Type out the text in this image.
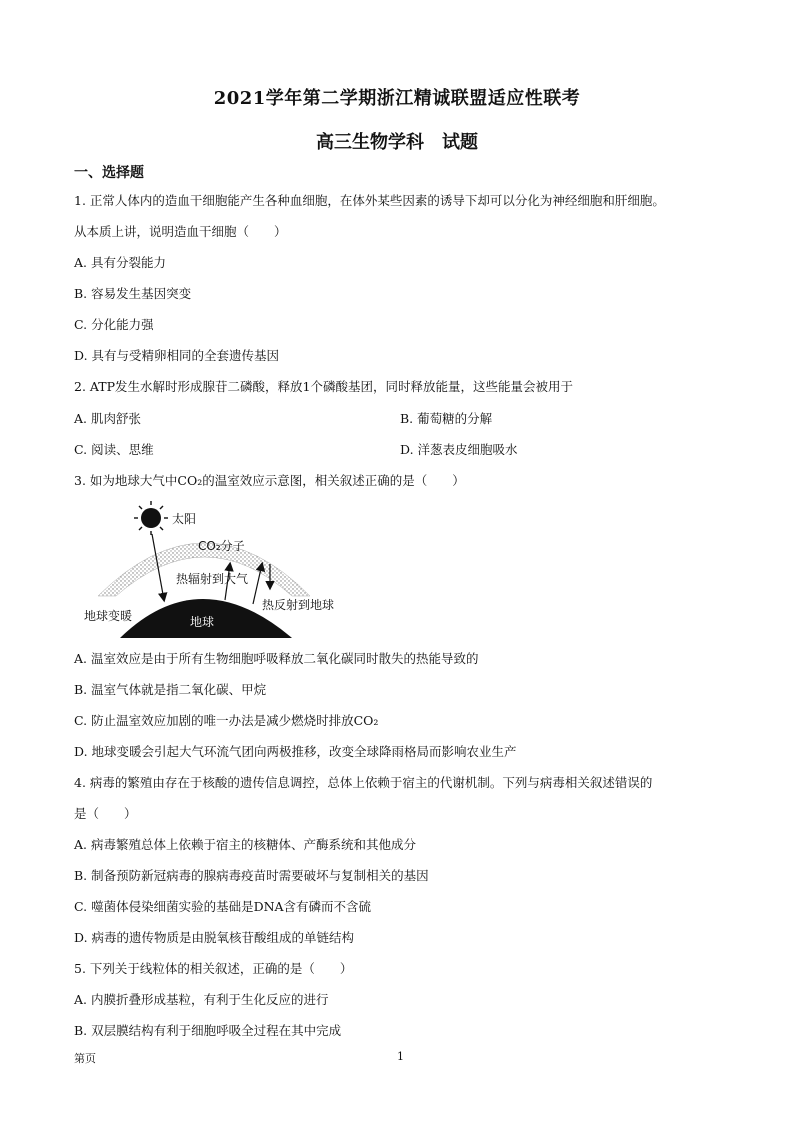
2021学年第二学期浙江精诚联盟适应性联考
高三生物学科 试题
一、选择题
1. 正常人体内的造血干细胞能产生各种血细胞，在体外某些因素的诱导下却可以分化为神经细胞和肝细胞。
从本质上讲，说明造血干细胞（　　）
A. 具有分裂能力
B. 容易发生基因突变
C. 分化能力强
D. 具有与受精卵相同的全套遗传基因
2. ATP发生水解时形成腺苷二磷酸，释放1个磷酸基团，同时释放能量，这些能量会被用于
A. 肌肉舒张	B. 葡萄糖的分解
C. 阅读、思维	D. 洋葱表皮细胞吸水
3. 如为地球大气中CO₂的温室效应示意图，相关叙述正确的是（　　）
太阳
CO₂分子
热辐射到大气
热反射到地球
地球变暖	地球
A. 温室效应是由于所有生物细胞呼吸释放二氧化碳同时散失的热能导致的
B. 温室气体就是指二氧化碳、甲烷
C. 防止温室效应加剧的唯一办法是减少燃烧时排放CO₂
D. 地球变暖会引起大气环流气团向两极推移，改变全球降雨格局而影响农业生产
4. 病毒的繁殖由存在于核酸的遗传信息调控，总体上依赖于宿主的代谢机制。下列与病毒相关叙述错误的
是（　　）
A. 病毒繁殖总体上依赖于宿主的核糖体、产酶系统和其他成分
B. 制备预防新冠病毒的腺病毒疫苗时需要破坏与复制相关的基因
C. 噬菌体侵染细菌实验的基础是DNA含有磷而不含硫
D. 病毒的遗传物质是由脱氧核苷酸组成的单链结构
5. 下列关于线粒体的相关叙述，正确的是（　　）
A. 内膜折叠形成基粒，有利于生化反应的进行
B. 双层膜结构有利于细胞呼吸全过程在其中完成
第页	1
